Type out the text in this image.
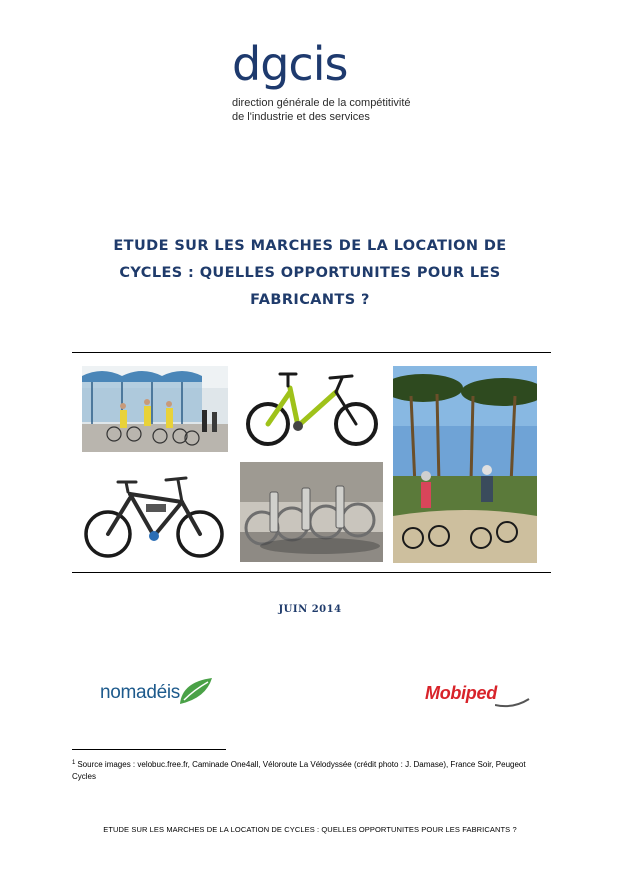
dgcis
direction générale de la compétitivité
de l'industrie et des services
ETUDE SUR LES MARCHES DE LA LOCATION DE
CYCLES : QUELLES OPPORTUNITES POUR LES
FABRICANTS ?
JUIN 2014
nomadéis	Mobiped
$^1$ Source images : velobuc.free.fr, Caminade One4all, Véloroute La Vélodyssée (crédit photo : J. Damase), France Soir, Peugeot Cycles
ETUDE SUR LES MARCHES DE LA LOCATION DE CYCLES : QUELLES OPPORTUNITES POUR LES FABRICANTS ?
